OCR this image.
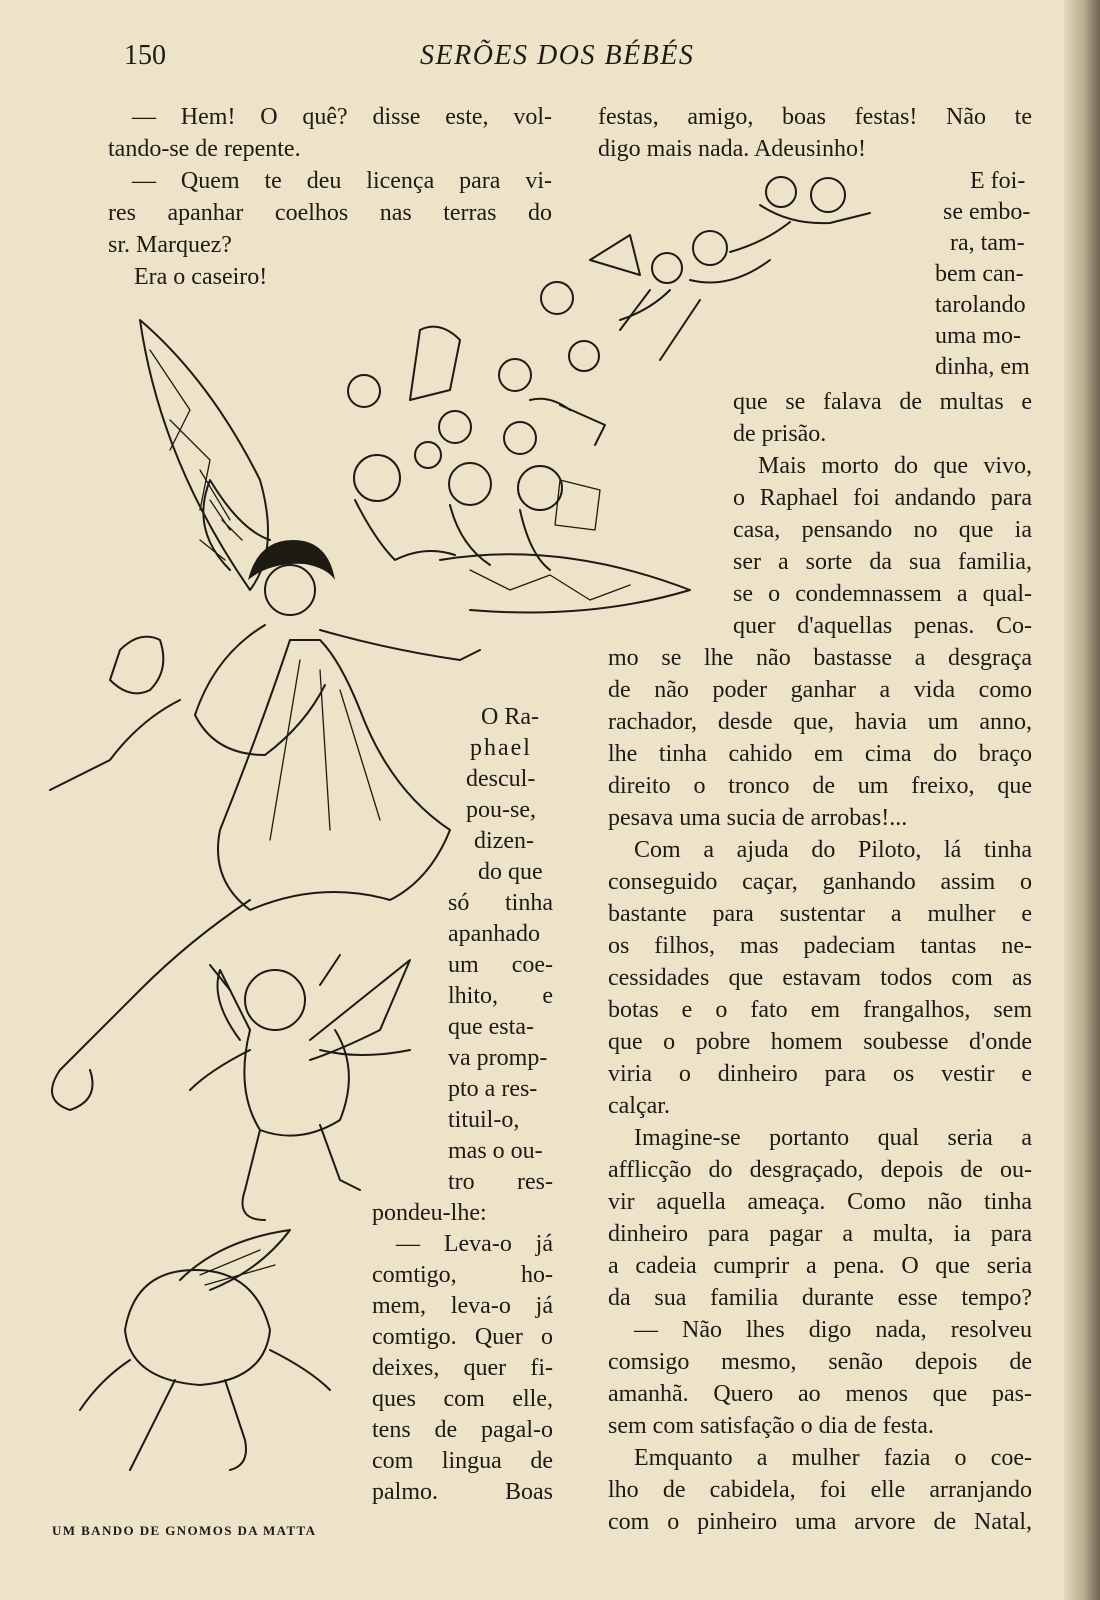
150	SERÕES DOS BÉBÉS
— Hem! O quê? disse este, vol-
tando-se de repente.
— Quem te deu licença para vi-
res apanhar coelhos nas terras do
sr. Marquez?
Era o caseiro!
O Ra-
phael
descul-
pou-se,
dizen-
do que
só tinha
apanhado
um coe-
lhito, e
que esta-
va promp-
pto a res-
tituil-o,
mas o ou-
tro res-
pondeu-lhe:
— Leva-o já
comtigo, ho-
mem, leva-o já
comtigo. Quer o
deixes, quer fi-
ques com elle,
tens de pagal-o
com lingua de
palmo. Boas
festas, amigo, boas festas! Não te
digo mais nada. Adeusinho!
E foi-
se embo-
ra, tam-
bem can-
tarolando
uma mo-
dinha, em
que se falava de multas e
de prisão.
Mais morto do que vivo,
o Raphael foi andando para
casa, pensando no que ia
ser a sorte da sua familia,
se o condemnassem a qual-
quer d'aquellas penas. Co-
mo se lhe não bastasse a desgraça
de não poder ganhar a vida como
rachador, desde que, havia um anno,
lhe tinha cahido em cima do braço
direito o tronco de um freixo, que
pesava uma sucia de arrobas!...
Com a ajuda do Piloto, lá tinha
conseguido caçar, ganhando assim o
bastante para sustentar a mulher e
os filhos, mas padeciam tantas ne-
cessidades que estavam todos com as
botas e o fato em frangalhos, sem
que o pobre homem soubesse d'onde
viria o dinheiro para os vestir e
calçar.
Imagine-se portanto qual seria a
afflicção do desgraçado, depois de ou-
vir aquella ameaça. Como não tinha
dinheiro para pagar a multa, ia para
a cadeia cumprir a pena. O que seria
da sua familia durante esse tempo?
— Não lhes digo nada, resolveu
comsigo mesmo, senão depois de
amanhã. Quero ao menos que pas-
sem com satisfação o dia de festa.
Emquanto a mulher fazia o coe-
lho de cabidela, foi elle arranjando
com o pinheiro uma arvore de Natal,
UM BANDO DE GNOMOS DA MATTA
